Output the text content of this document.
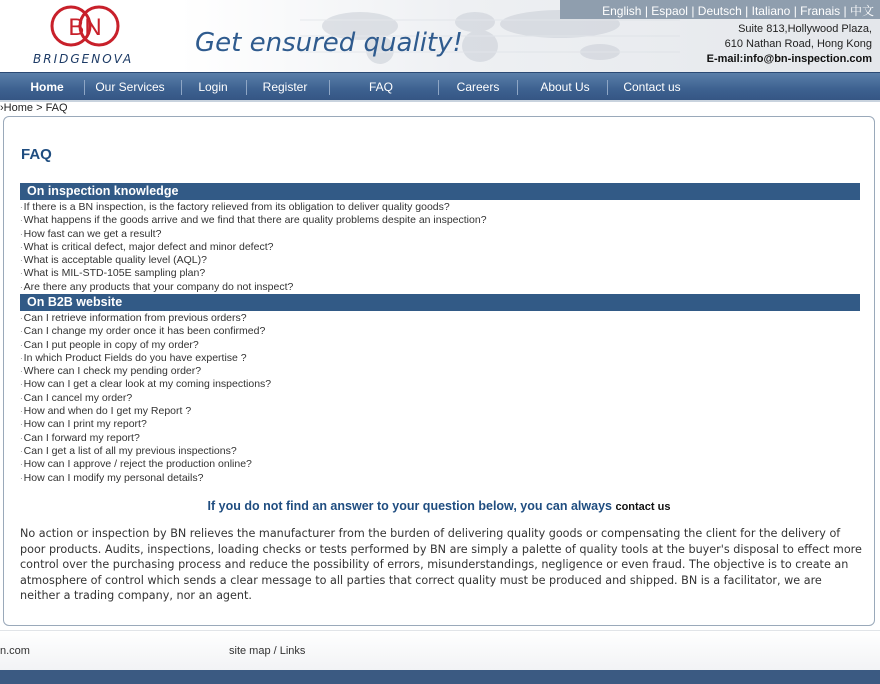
BN
BRIDGENOVA
Get ensured quality!
English | Espaol | Deutsch | Italiano | Franais | 中文
Suite 813,Hollywood Plaza,
610 Nathan Road, Hong Kong
E-mail:info@bn-inspection.com
Home	Our Services	Login	Register	FAQ	Careers	About Us	Contact us
›Home > FAQ
FAQ
On inspection knowledge
·If there is a BN inspection, is the factory relieved from its obligation to deliver quality goods?
·What happens if the goods arrive and we find that there are quality problems despite an inspection?
·How fast can we get a result?
·What is critical defect, major defect and minor defect?
·What is acceptable quality level (AQL)?
·What is MIL-STD-105E sampling plan?
·Are there any products that your company do not inspect?
On B2B website
·Can I retrieve information from previous orders?
·Can I change my order once it has been confirmed?
·Can I put people in copy of my order?
·In which Product Fields do you have expertise ?
·Where can I check my pending order?
·How can I get a clear look at my coming inspections?
·Can I cancel my order?
·How and when do I get my Report ?
·How can I print my report?
·Can I forward my report?
·Can I get a list of all my previous inspections?
·How can I approve / reject the production online?
·How can I modify my personal details?
If you do not find an answer to your question below, you can always contact us
No action or inspection by BN relieves the manufacturer from the burden of delivering quality goods or compensating the client for the delivery of poor products. Audits, inspections, loading checks or tests performed by BN are simply a palette of quality tools at the buyer's disposal to effect more control over the purchasing process and reduce the possibility of errors, misunderstandings, negligence or even fraud. The objective is to create an atmosphere of control which sends a clear message to all parties that correct quality must be produced and shipped. BN is a facilitator, we are neither a trading company, nor an agent.
n.com	site map / Links
